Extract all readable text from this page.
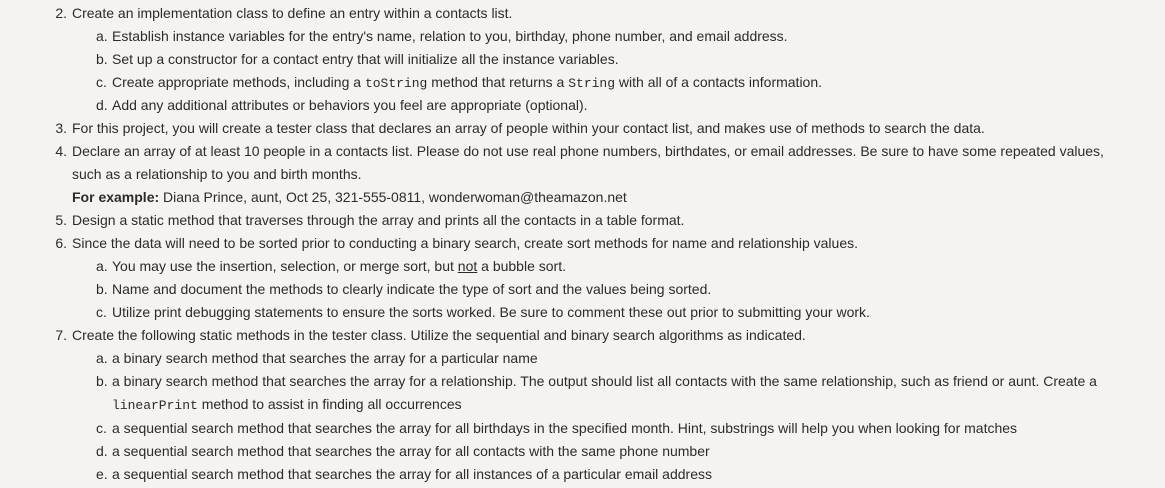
2. Create an implementation class to define an entry within a contacts list.
a. Establish instance variables for the entry's name, relation to you, birthday, phone number, and email address.
b. Set up a constructor for a contact entry that will initialize all the instance variables.
c. Create appropriate methods, including a toString method that returns a String with all of a contacts information.
d. Add any additional attributes or behaviors you feel are appropriate (optional).
3. For this project, you will create a tester class that declares an array of people within your contact list, and makes use of methods to search the data.
4. Declare an array of at least 10 people in a contacts list. Please do not use real phone numbers, birthdates, or email addresses. Be sure to have some repeated values,
such as a relationship to you and birth months.
For example: Diana Prince, aunt, Oct 25, 321-555-0811, wonderwoman@theamazon.net
5. Design a static method that traverses through the array and prints all the contacts in a table format.
6. Since the data will need to be sorted prior to conducting a binary search, create sort methods for name and relationship values.
a. You may use the insertion, selection, or merge sort, but not a bubble sort.
b. Name and document the methods to clearly indicate the type of sort and the values being sorted.
c. Utilize print debugging statements to ensure the sorts worked. Be sure to comment these out prior to submitting your work.
7. Create the following static methods in the tester class. Utilize the sequential and binary search algorithms as indicated.
a. a binary search method that searches the array for a particular name
b. a binary search method that searches the array for a relationship. The output should list all contacts with the same relationship, such as friend or aunt. Create a
linearPrint method to assist in finding all occurrences
c. a sequential search method that searches the array for all birthdays in the specified month. Hint, substrings will help you when looking for matches
d. a sequential search method that searches the array for all contacts with the same phone number
e. a sequential search method that searches the array for all instances of a particular email address
